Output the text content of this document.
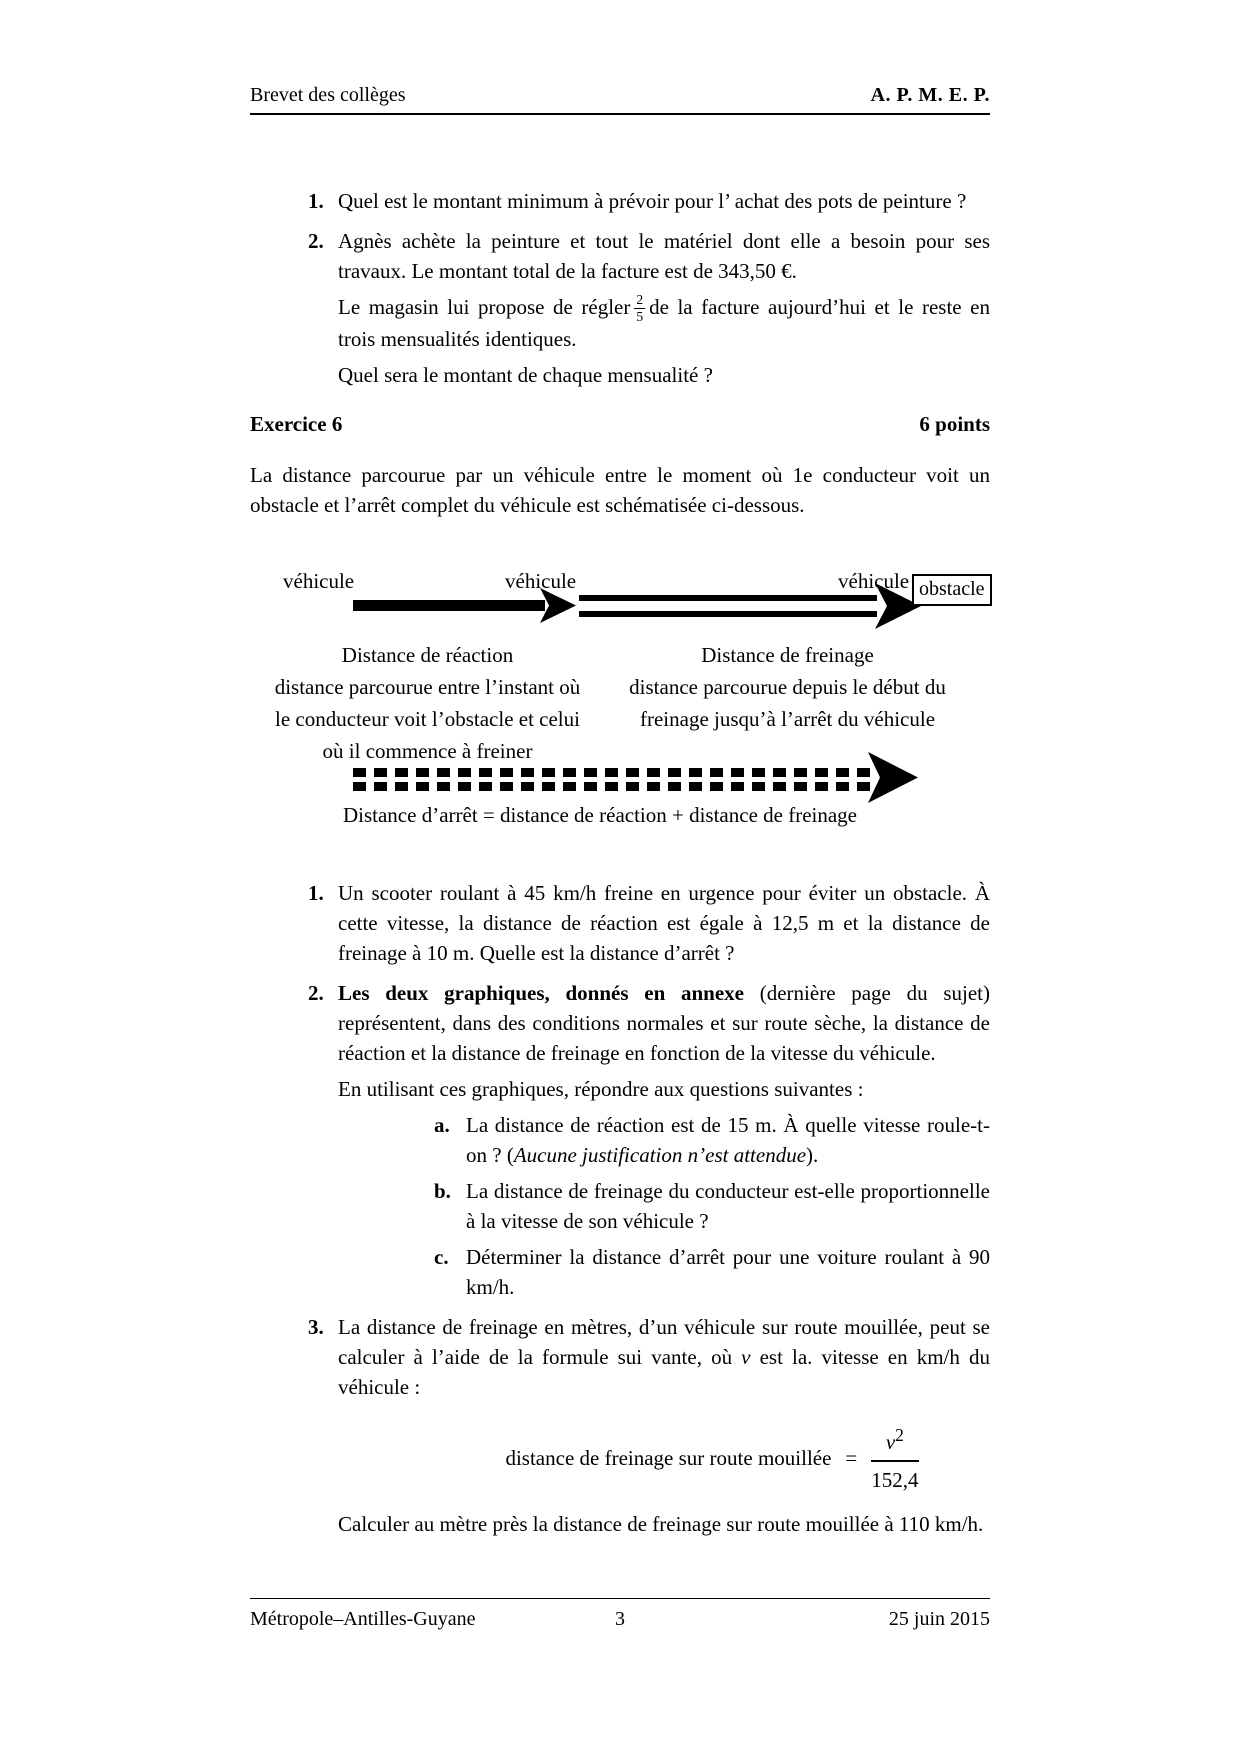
Brevet des collèges	A. P. M. E. P.
1. Quel est le montant minimum à prévoir pour l’ achat des pots de peinture ?
2. Agnès achète la peinture et tout le matériel dont elle a besoin pour ses travaux. Le montant total de la facture est de 343,50 €.
Le magasin lui propose de régler $\frac{2}{5}$ de la facture aujourd’hui et le reste en trois mensualités identiques.
Quel sera le montant de chaque mensualité ?
Exercice 6	6 points
La distance parcourue par un véhicule entre le moment où 1e conducteur voit un obstacle et l’arrêt complet du véhicule est schématisée ci-dessous.
véhicule	véhicule	véhicule obstacle
Distance de réaction
distance parcourue entre l’instant où
le conducteur voit l’obstacle et celui
où il commence à freiner
Distance de freinage
distance parcourue depuis le début du
freinage jusqu’à l’arrêt du véhicule
Distance d’arrêt = distance de réaction + distance de freinage
1. Un scooter roulant à 45 km/h freine en urgence pour éviter un obstacle. À cette vitesse, la distance de réaction est égale à 12,5 m et la distance de freinage à 10 m. Quelle est la distance d’arrêt ?
2. Les deux graphiques, donnés en annexe (dernière page du sujet) représentent, dans des conditions normales et sur route sèche, la distance de réaction et la distance de freinage en fonction de la vitesse du véhicule.
En utilisant ces graphiques, répondre aux questions suivantes :
a. La distance de réaction est de 15 m. À quelle vitesse roule-t-on ? (Aucune justification n’est attendue).
b. La distance de freinage du conducteur est-elle proportionnelle à la vitesse de son véhicule ?
c. Déterminer la distance d’arrêt pour une voiture roulant à 90 km/h.
3. La distance de freinage en mètres, d’un véhicule sur route mouillée, peut se calculer à l’aide de la formule sui vante, où v est la. vitesse en km/h du véhicule :
distance de freinage sur route mouillée = $\frac{v^2}{152,4}$
Calculer au mètre près la distance de freinage sur route mouillée à 110 km/h.
Métropole–Antilles-Guyane	3	25 juin 2015
